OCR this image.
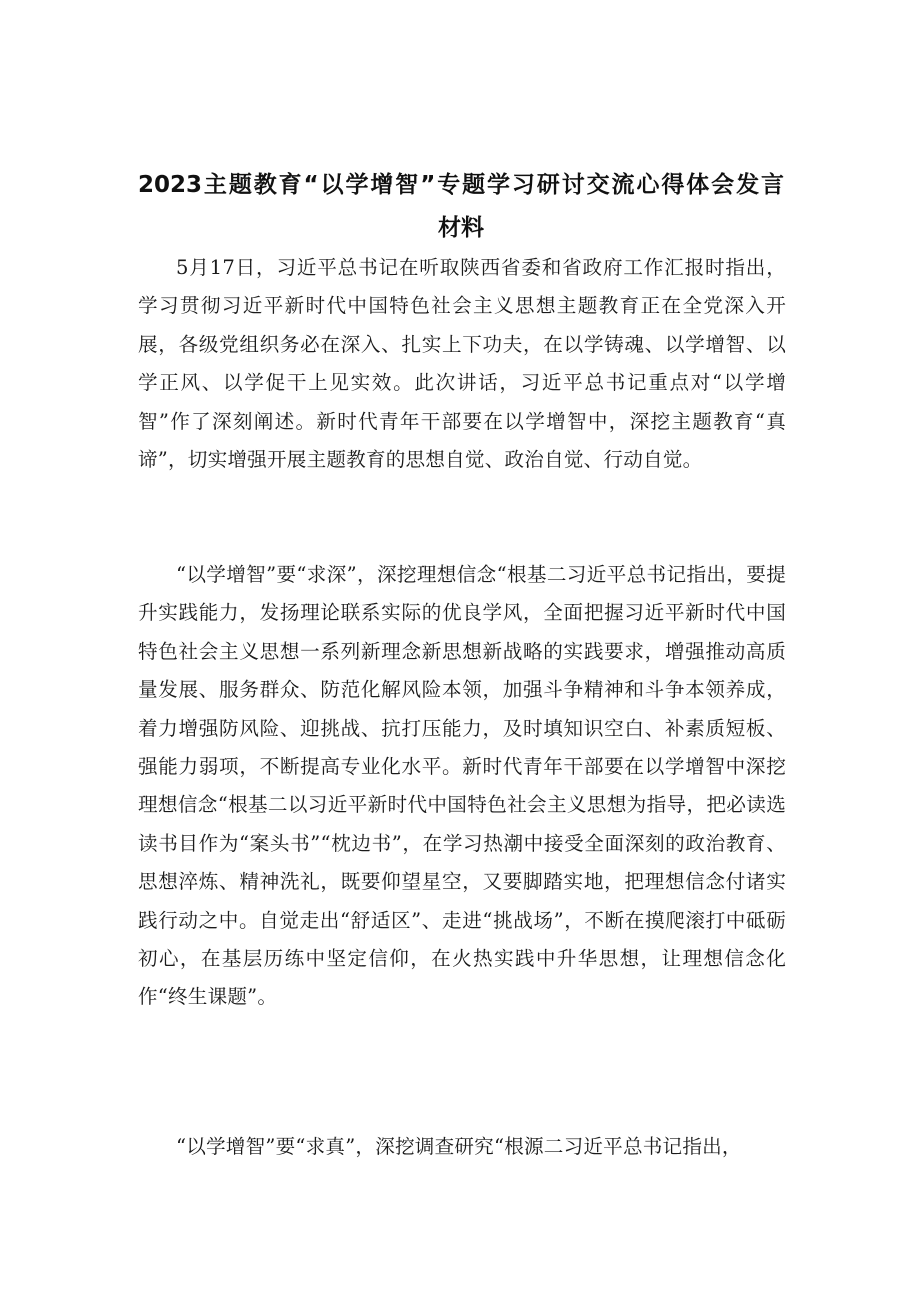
2023主题教育“以学增智”专题学习研讨交流心得体会发言
材料

5月17日，习近平总书记在听取陕西省委和省政府工作汇报时指出，学习贯彻习近平新时代中国特色社会主义思想主题教育正在全党深入开展，各级党组织务必在深入、扎实上下功夫，在以学铸魂、以学增智、以学正风、以学促干上见实效。此次讲话，习近平总书记重点对“以学增智”作了深刻阐述。新时代青年干部要在以学增智中，深挖主题教育“真谛”，切实增强开展主题教育的思想自觉、政治自觉、行动自觉。

“以学增智”要“求深”，深挖理想信念“根基二习近平总书记指出，要提升实践能力，发扬理论联系实际的优良学风，全面把握习近平新时代中国特色社会主义思想一系列新理念新思想新战略的实践要求，增强推动高质量发展、服务群众、防范化解风险本领，加强斗争精神和斗争本领养成，着力增强防风险、迎挑战、抗打压能力，及时填知识空白、补素质短板、强能力弱项，不断提高专业化水平。新时代青年干部要在以学增智中深挖理想信念“根基二以习近平新时代中国特色社会主义思想为指导，把必读选读书目作为“案头书”“枕边书”，在学习热潮中接受全面深刻的政治教育、思想淬炼、精神洗礼，既要仰望星空，又要脚踏实地，把理想信念付诸实践行动之中。自觉走出“舒适区”、走进“挑战场”，不断在摸爬滚打中砥砺初心，在基层历练中坚定信仰，在火热实践中升华思想，让理想信念化作“终生课题”。

“以学增智”要“求真”，深挖调查研究“根源二习近平总书记指出，
